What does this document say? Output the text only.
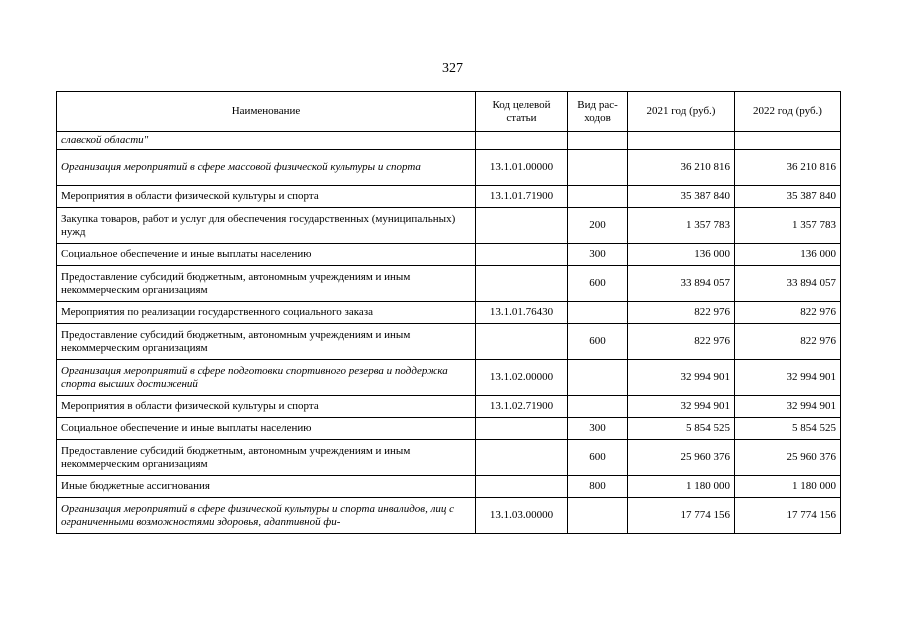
327
Наименование	Код целевой статьи	Вид рас-ходов	2021 год (руб.)	2022 год (руб.)
славской области"				
Организация мероприятий в сфере массовой физической культуры и спорта	13.1.01.00000		36 210 816	36 210 816
Мероприятия в области физической культуры и спорта	13.1.01.71900		35 387 840	35 387 840
Закупка товаров, работ и услуг для обеспечения государственных (муниципальных) нужд		200	1 357 783	1 357 783
Социальное обеспечение и иные выплаты населению		300	136 000	136 000
Предоставление субсидий бюджетным, автономным учреждениям и иным некоммерческим организациям		600	33 894 057	33 894 057
Мероприятия по реализации государственного социального заказа	13.1.01.76430		822 976	822 976
Предоставление субсидий бюджетным, автономным учреждениям и иным некоммерческим организациям		600	822 976	822 976
Организация мероприятий в сфере подготовки спортивного резерва и поддержка спорта высших достижений	13.1.02.00000		32 994 901	32 994 901
Мероприятия в области физической культуры и спорта	13.1.02.71900		32 994 901	32 994 901
Социальное обеспечение и иные выплаты населению		300	5 854 525	5 854 525
Предоставление субсидий бюджетным, автономным учреждениям и иным некоммерческим организациям		600	25 960 376	25 960 376
Иные бюджетные ассигнования		800	1 180 000	1 180 000
Организация мероприятий в сфере физической культуры и спорта инвалидов, лиц с ограниченными возможностями здоровья, адаптивной фи-	13.1.03.00000		17 774 156	17 774 156
